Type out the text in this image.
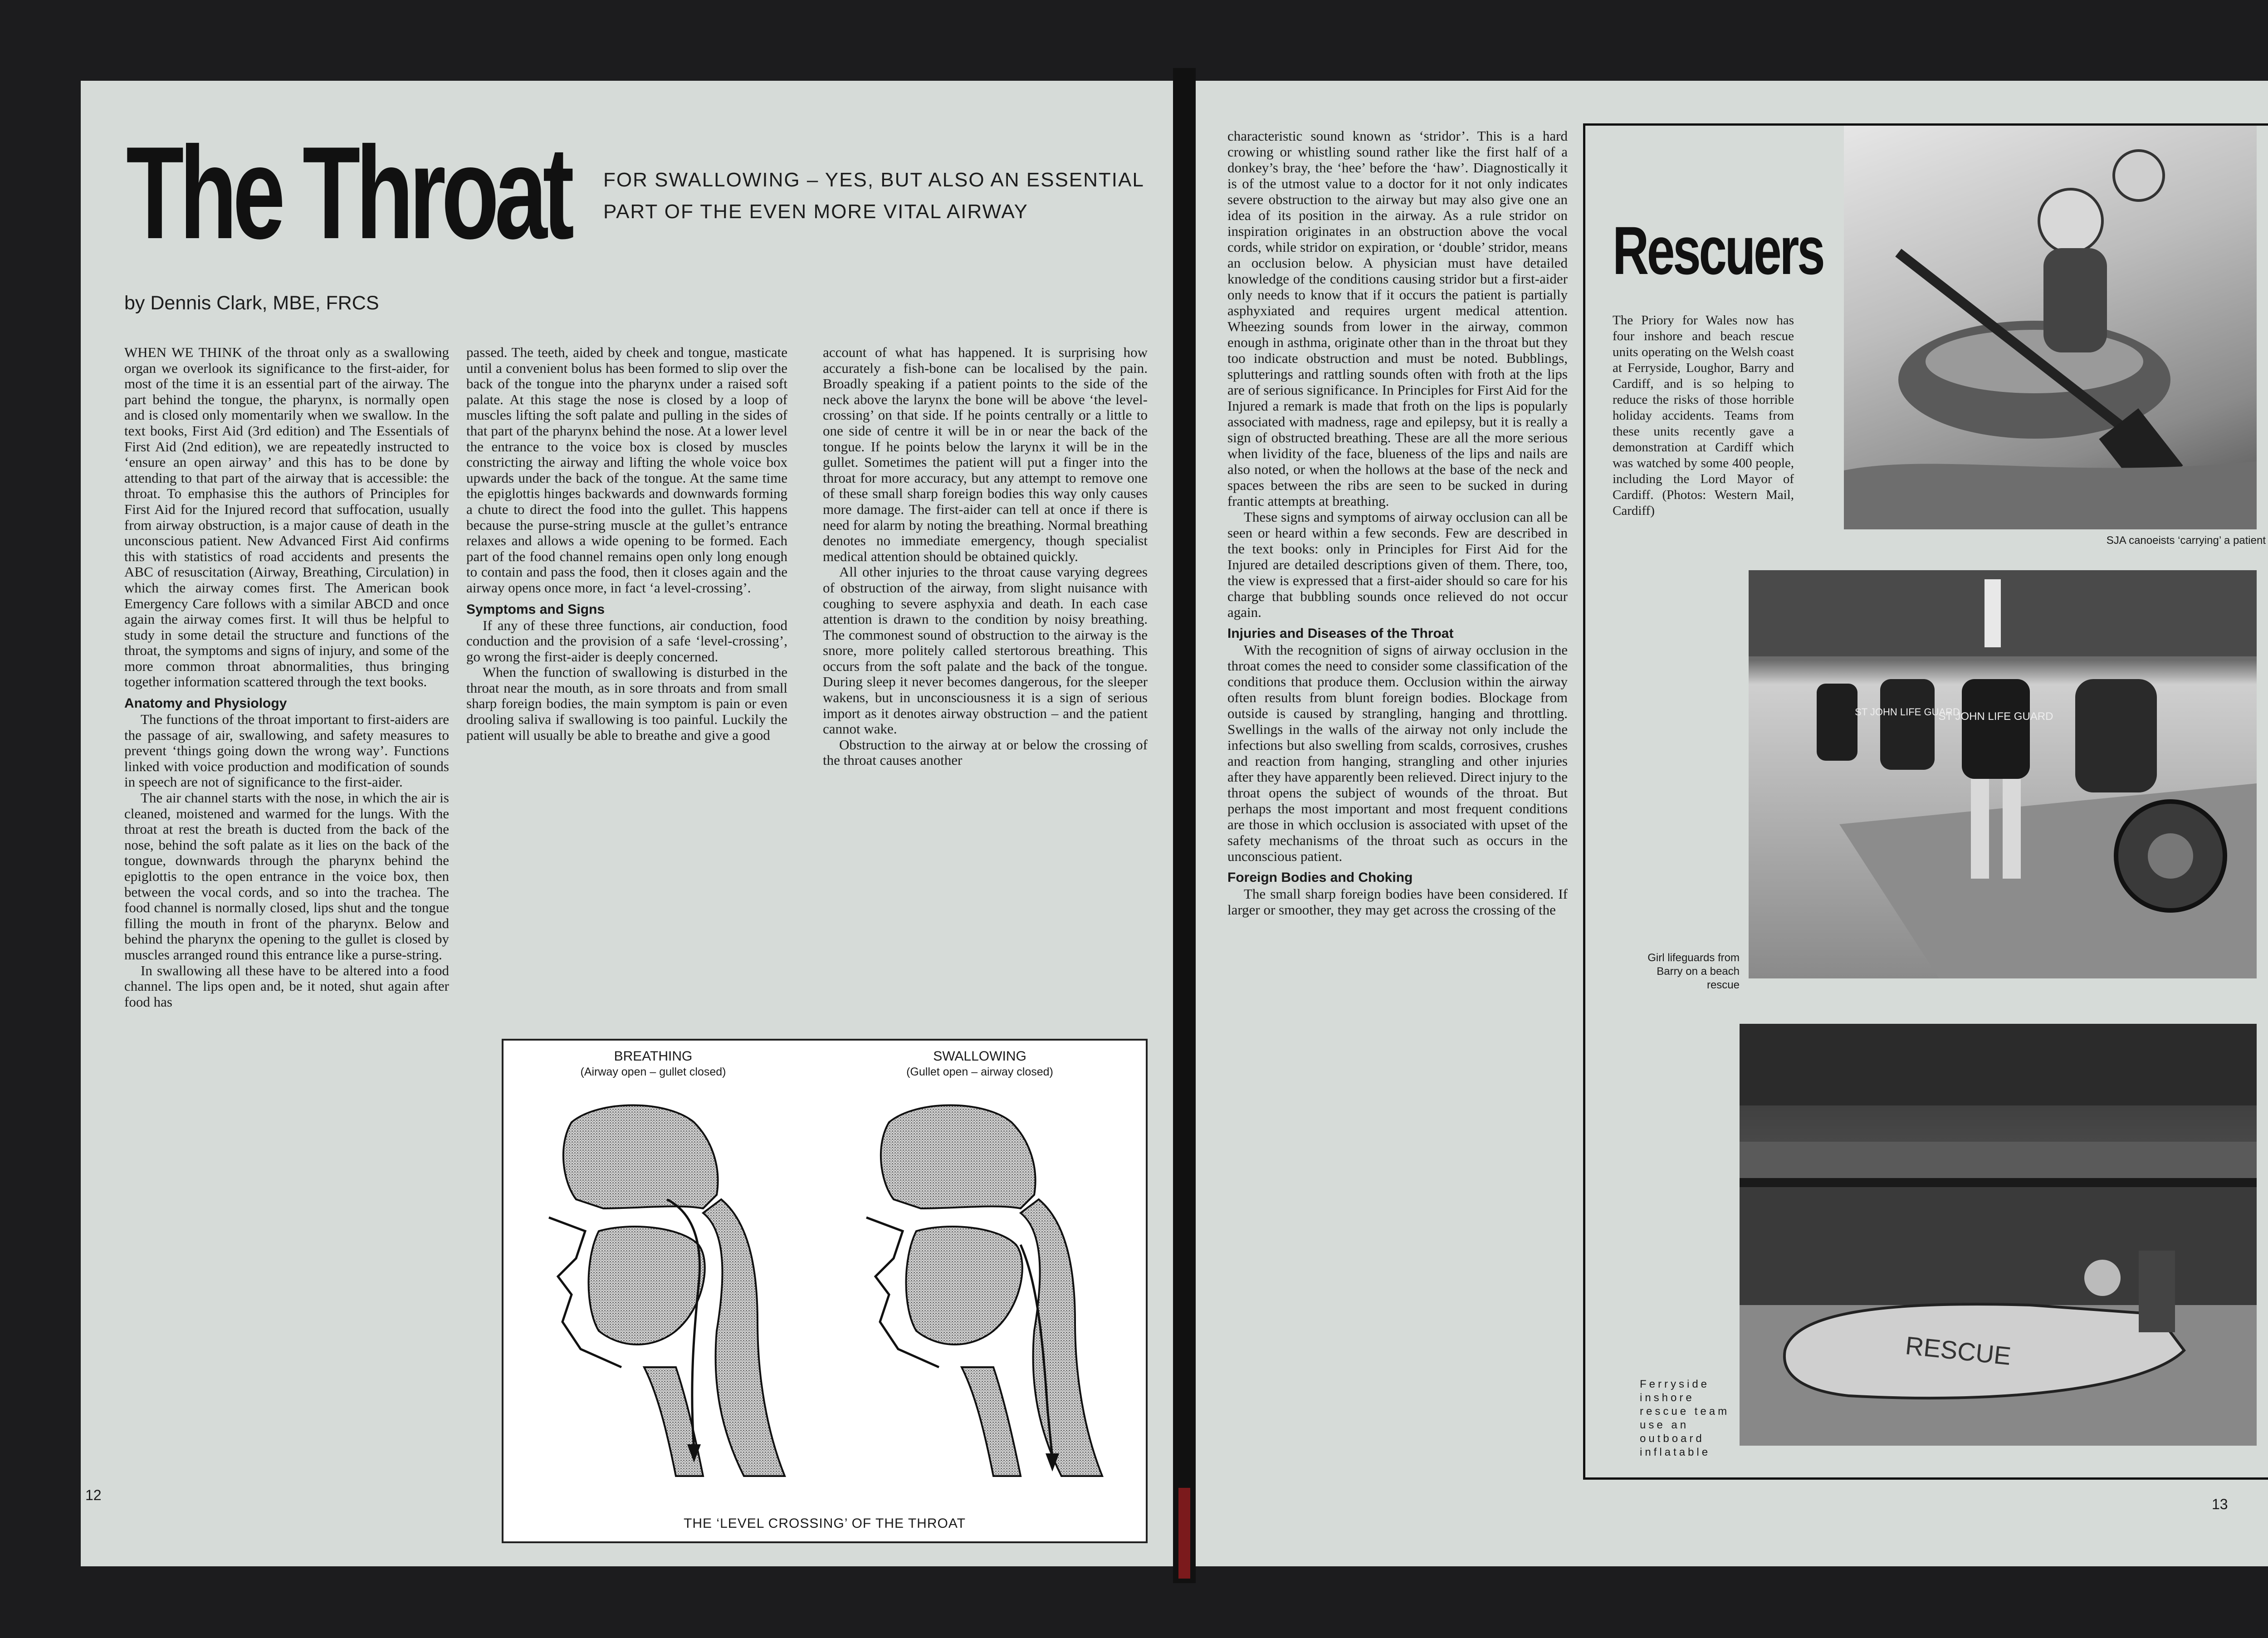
The Throat FOR SWALLOWING – YES, BUT ALSO AN ESSENTIAL
PART OF THE EVEN MORE VITAL AIRWAY
by Dennis Clark, MBE, FRCS

WHEN WE THINK of the throat only as a swallowing organ we overlook its significance to the first-aider, for most of the time it is an essential part of the airway. The part behind the tongue, the pharynx, is normally open and is closed only momentarily when we swallow. In the text books, First Aid (3rd edition) and The Essentials of First Aid (2nd edition), we are repeatedly instructed to ‘ensure an open airway’ and this has to be done by attending to that part of the airway that is accessible: the throat. To emphasise this the authors of Principles for First Aid for the Injured record that suffocation, usually from airway obstruction, is a major cause of death in the unconscious patient. New Advanced First Aid confirms this with statistics of road accidents and presents the ABC of resuscitation (Airway, Breathing, Circulation) in which the airway comes first. The American book Emergency Care follows with a similar ABCD and once again the airway comes first. It will thus be helpful to study in some detail the structure and functions of the throat, the symptoms and signs of injury, and some of the more common throat abnormalities, thus bringing together information scattered through the text books.

Anatomy and Physiology

The functions of the throat important to first-aiders are the passage of air, swallowing, and safety measures to prevent ‘things going down the wrong way’. Functions linked with voice production and modification of sounds in speech are not of significance to the first-aider.

The air channel starts with the nose, in which the air is cleaned, moistened and warmed for the lungs. With the throat at rest the breath is ducted from the back of the nose, behind the soft palate as it lies on the back of the tongue, downwards through the pharynx behind the epiglottis to the open entrance in the voice box, then between the vocal cords, and so into the trachea. The food channel is normally closed, lips shut and the tongue filling the mouth in front of the pharynx. Below and behind the pharynx the opening to the gullet is closed by muscles arranged round this entrance like a purse-string.

In swallowing all these have to be altered into a food channel. The lips open and, be it noted, shut again after food has

passed. The teeth, aided by cheek and tongue, masticate until a convenient bolus has been formed to slip over the back of the tongue into the pharynx under a raised soft palate. At this stage the nose is closed by a loop of muscles lifting the soft palate and pulling in the sides of that part of the pharynx behind the nose. At a lower level the entrance to the voice box is closed by muscles constricting the airway and lifting the whole voice box upwards under the back of the tongue. At the same time the epiglottis hinges backwards and downwards forming a chute to direct the food into the gullet. This happens because the purse-string muscle at the gullet’s entrance relaxes and allows a wide opening to be formed. Each part of the food channel remains open only long enough to contain and pass the food, then it closes again and the airway opens once more, in fact ‘a level-crossing’.

Symptoms and Signs

If any of these three functions, air conduction, food conduction and the provision of a safe ‘level-crossing’, go wrong the first-aider is deeply concerned.

When the function of swallowing is disturbed in the throat near the mouth, as in sore throats and from small sharp foreign bodies, the main symptom is pain or even drooling saliva if swallowing is too painful. Luckily the patient will usually be able to breathe and give a good

account of what has happened. It is surprising how accurately a fish-bone can be localised by the pain. Broadly speaking if a patient points to the side of the neck above the larynx the bone will be above ‘the level-crossing’ on that side. If he points centrally or a little to one side of centre it will be in or near the back of the tongue. If he points below the larynx it will be in the gullet. Sometimes the patient will put a finger into the throat for more accuracy, but any attempt to remove one of these small sharp foreign bodies this way only causes more damage. The first-aider can tell at once if there is need for alarm by noting the breathing. Normal breathing denotes no immediate emergency, though specialist medical attention should be obtained quickly.

All other injuries to the throat cause varying degrees of obstruction of the airway, from slight nuisance with coughing to severe asphyxia and death. In each case attention is drawn to the condition by noisy breathing. The commonest sound of obstruction to the airway is the snore, more politely called stertorous breathing. This occurs from the soft palate and the back of the tongue. During sleep it never becomes dangerous, for the sleeper wakens, but in unconsciousness it is a sign of serious import as it denotes airway obstruction – and the patient cannot wake.

Obstruction to the airway at or below the crossing of the throat causes another

BREATHING
(Airway open – gullet closed)
SWALLOWING
(Gullet open – airway closed)
THE ‘LEVEL CROSSING’ OF THE THROAT
12

characteristic sound known as ‘stridor’. This is a hard crowing or whistling sound rather like the first half of a donkey’s bray, the ‘hee’ before the ‘haw’. Diagnostically it is of the utmost value to a doctor for it not only indicates severe obstruction to the airway but may also give one an idea of its position in the airway. As a rule stridor on inspiration originates in an obstruction above the vocal cords, while stridor on expiration, or ‘double’ stridor, means an occlusion below. A physician must have detailed knowledge of the conditions causing stridor but a first-aider only needs to know that if it occurs the patient is partially asphyxiated and requires urgent medical attention. Wheezing sounds from lower in the airway, common enough in asthma, originate other than in the throat but they too indicate obstruction and must be noted. Bubblings, splutterings and rattling sounds often with froth at the lips are of serious significance. In Principles for First Aid for the Injured a remark is made that froth on the lips is popularly associated with madness, rage and epilepsy, but it is really a sign of obstructed breathing. These are all the more serious when lividity of the face, blueness of the lips and nails are also noted, or when the hollows at the base of the neck and spaces between the ribs are seen to be sucked in during frantic attempts at breathing.

These signs and symptoms of airway occlusion can all be seen or heard within a few seconds. Few are described in the text books: only in Principles for First Aid for the Injured are detailed descriptions given of them. There, too, the view is expressed that a first-aider should so care for his charge that bubbling sounds once relieved do not occur again.

Injuries and Diseases of the Throat

With the recognition of signs of airway occlusion in the throat comes the need to consider some classification of the conditions that produce them. Occlusion within the airway often results from blunt foreign bodies. Blockage from outside is caused by strangling, hanging and throttling. Swellings in the walls of the airway not only include the infections but also swelling from scalds, corrosives, crushes and reaction from hanging, strangling and other injuries after they have apparently been relieved. Direct injury to the throat opens the subject of wounds of the throat. But perhaps the most important and most frequent conditions are those in which occlusion is associated with upset of the safety mechanisms of the throat such as occurs in the unconscious patient.

Foreign Bodies and Choking

The small sharp foreign bodies have been considered. If larger or smoother, they may get across the crossing of the

13
Rescuers
The Priory for Wales now has four inshore and beach rescue units operating on the Welsh coast at Ferryside, Loughor, Barry and Cardiff, and is so helping to reduce the risks of those horrible holiday accidents. Teams from these units recently gave a demonstration at Cardiff which was watched by some 400 people, including the Lord Mayor of Cardiff. (Photos: Western Mail, Cardiff)
SJA canoeists ‘carrying’ a patient
ST JOHN LIFE GUARD
ST JOHN LIFE GUARD
Girl lifeguards from Barry on a beach rescue
RESCUE
Ferryside inshore rescue team use an outboard inflatable
